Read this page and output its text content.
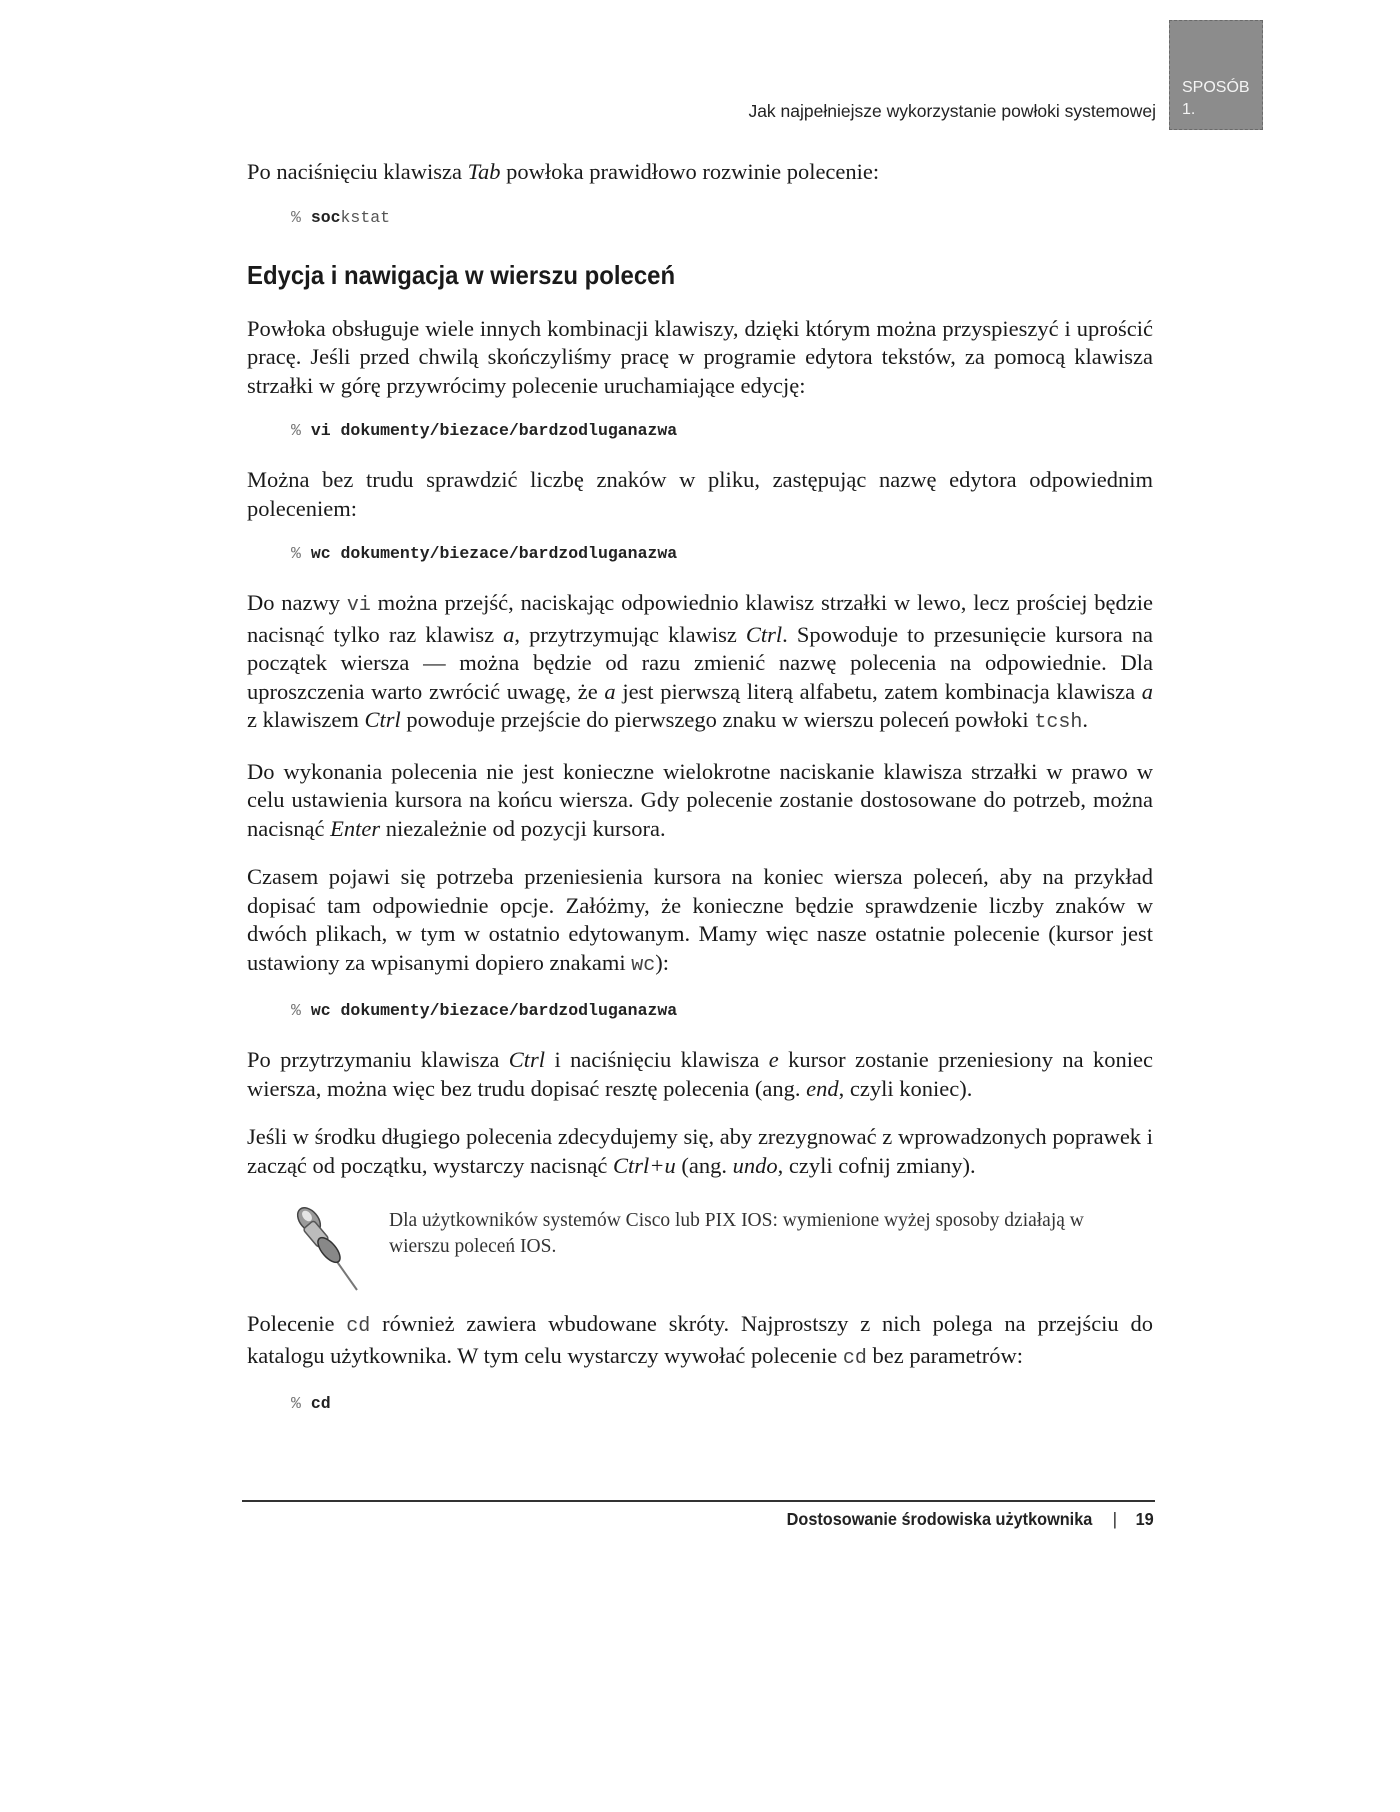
SPOSÓB
1.
Jak najpełniejsze wykorzystanie powłoki systemowej

Po naciśnięciu klawisza Tab powłoka prawidłowo rozwinie polecenie:

% sockstat
Edycja i nawigacja w wierszu poleceń

Powłoka obsługuje wiele innych kombinacji klawiszy, dzięki którym można przyspieszyć i uprościć pracę. Jeśli przed chwilą skończyliśmy pracę w programie edytora tekstów, za pomocą klawisza strzałki w górę przywrócimy polecenie uruchamiające edycję:

% vi dokumenty/biezace/bardzodluganazwa

Można bez trudu sprawdzić liczbę znaków w pliku, zastępując nazwę edytora odpowiednim poleceniem:

% wc dokumenty/biezace/bardzodluganazwa

Do nazwy vi można przejść, naciskając odpowiednio klawisz strzałki w lewo, lecz prościej będzie nacisnąć tylko raz klawisz a, przytrzymując klawisz Ctrl. Spowoduje to przesunięcie kursora na początek wiersza — można będzie od razu zmienić nazwę polecenia na odpowiednie. Dla uproszczenia warto zwrócić uwagę, że a jest pierwszą literą alfabetu, zatem kombinacja klawisza a z klawiszem Ctrl powoduje przejście do pierwszego znaku w wierszu poleceń powłoki tcsh.

Do wykonania polecenia nie jest konieczne wielokrotne naciskanie klawisza strzałki w prawo w celu ustawienia kursora na końcu wiersza. Gdy polecenie zostanie dostosowane do potrzeb, można nacisnąć Enter niezależnie od pozycji kursora.

Czasem pojawi się potrzeba przeniesienia kursora na koniec wiersza poleceń, aby na przykład dopisać tam odpowiednie opcje. Załóżmy, że konieczne będzie sprawdzenie liczby znaków w dwóch plikach, w tym w ostatnio edytowanym. Mamy więc nasze ostatnie polecenie (kursor jest ustawiony za wpisanymi dopiero znakami wc):

% wc dokumenty/biezace/bardzodluganazwa

Po przytrzymaniu klawisza Ctrl i naciśnięciu klawisza e kursor zostanie przeniesiony na koniec wiersza, można więc bez trudu dopisać resztę polecenia (ang. end, czyli koniec).

Jeśli w środku długiego polecenia zdecydujemy się, aby zrezygnować z wprowadzonych poprawek i zacząć od początku, wystarczy nacisnąć Ctrl+u (ang. undo, czyli cofnij zmiany).

Dla użytkowników systemów Cisco lub PIX IOS: wymienione wyżej sposoby działają w wierszu poleceń IOS.

Polecenie cd również zawiera wbudowane skróty. Najprostszy z nich polega na przejściu do katalogu użytkownika. W tym celu wystarczy wywołać polecenie cd bez parametrów:

% cd
Dostosowanie środowiska użytkownika | 19
